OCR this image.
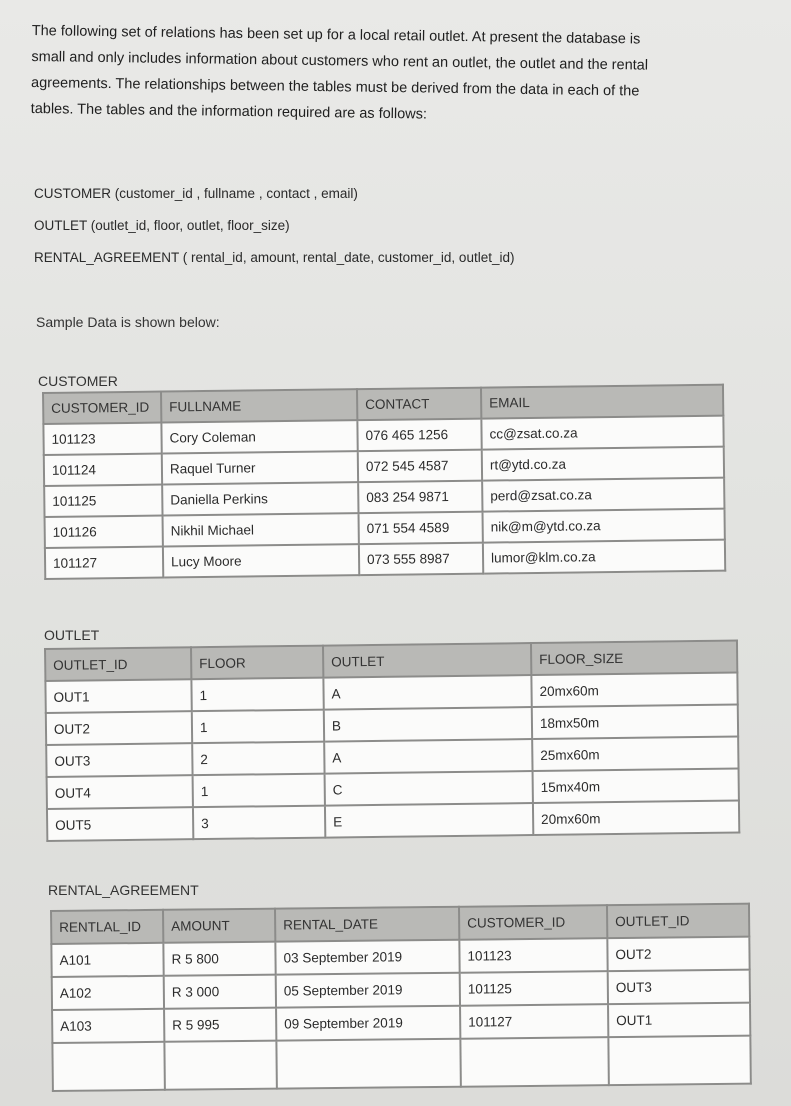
The following set of relations has been set up for a local retail outlet. At present the database is
small and only includes information about customers who rent an outlet, the outlet and the rental
agreements. The relationships between the tables must be derived from the data in each of the
tables. The tables and the information required are as follows:

CUSTOMER (customer_id , fullname , contact , email)

OUTLET (outlet_id, floor, outlet, floor_size)

RENTAL_AGREEMENT ( rental_id, amount, rental_date, customer_id, outlet_id)

Sample Data is shown below:

CUSTOMER

CUSTOMER_ID	FULLNAME	CONTACT	EMAIL
101123	Cory Coleman	076 465 1256	cc@zsat.co.za
101124	Raquel Turner	072 545 4587	rt@ytd.co.za
101125	Daniella Perkins	083 254 9871	perd@zsat.co.za
101126	Nikhil Michael	071 554 4589	nik@m@ytd.co.za
101127	Lucy Moore	073 555 8987	lumor@klm.co.za

OUTLET

OUTLET_ID	FLOOR	OUTLET	FLOOR_SIZE
OUT1	1	A	20mx60m
OUT2	1	B	18mx50m
OUT3	2	A	25mx60m
OUT4	1	C	15mx40m
OUT5	3	E	20mx60m

RENTAL_AGREEMENT

RENTLAL_ID	AMOUNT	RENTAL_DATE	CUSTOMER_ID	OUTLET_ID
A101	R 5 800	03 September 2019	101123	OUT2
A102	R 3 000	05 September 2019	101125	OUT3
A103	R 5 995	09 September 2019	101127	OUT1
